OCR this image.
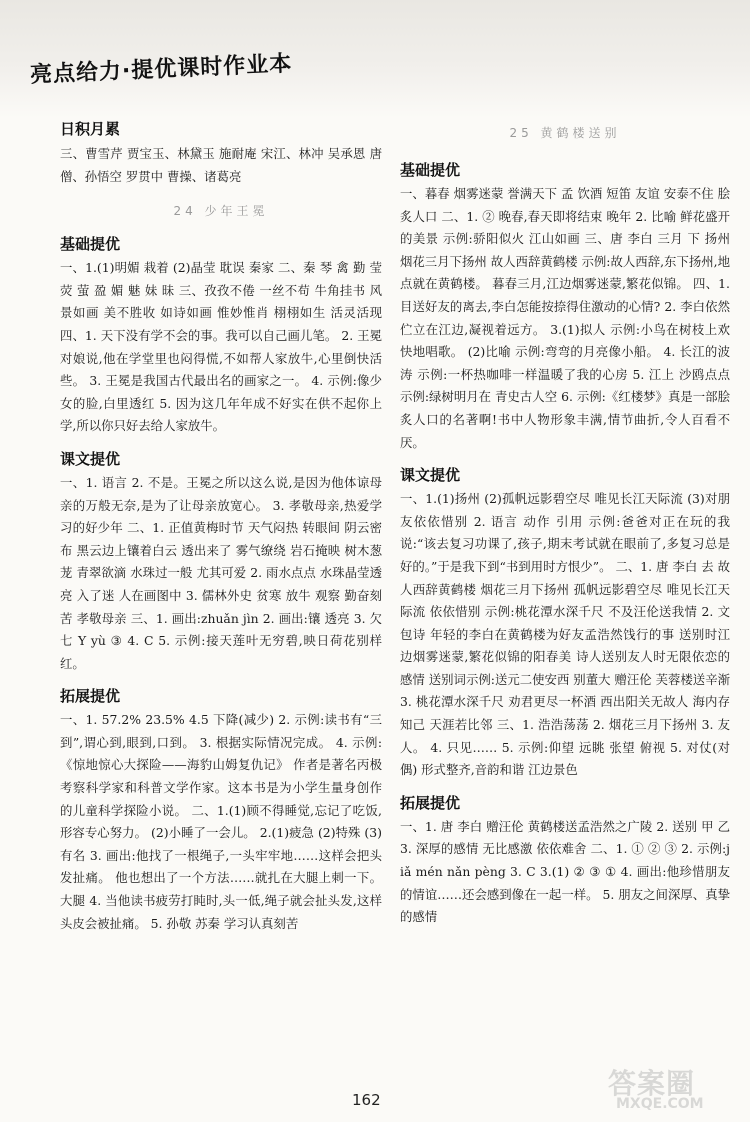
亮点给力·提优课时作业本
日积月累

三、曹雪芹 贾宝玉、林黛玉 施耐庵 宋江、林冲 吴承恩 唐僧、孙悟空 罗贯中 曹操、诸葛亮

24 少年王冕

基础提优

一、1.(1)明媚 栽着 (2)晶莹 耽误 秦家 二、秦 琴 禽 勤 莹 荧 萤 盈 媚 魅 妹 昧 三、孜孜不倦 一丝不苟 牛角挂书 风景如画 美不胜收 如诗如画 惟妙惟肖 栩栩如生 活灵活现 四、1. 天下没有学不会的事。我可以自己画儿笔。 2. 王冕对娘说,他在学堂里也闷得慌,不如帮人家放牛,心里倒快活些。 3. 王冕是我国古代最出名的画家之一。 4. 示例:像少女的脸,白里透红 5. 因为这几年年成不好实在供不起你上学,所以你只好去给人家放牛。

课文提优

一、1. 语言 2. 不是。王冕之所以这么说,是因为他体谅母亲的万般无奈,是为了让母亲放宽心。 3. 孝敬母亲,热爱学习的好少年 二、1. 正值黄梅时节 天气闷热 转眼间 阴云密布 黑云边上镶着白云 透出来了 雾气缭绕 岩石掩映 树木葱茏 青翠欲滴 水珠过一般 尤其可爱 2. 雨水点点 水珠晶莹透亮 入了迷 人在画图中 3. 儒林外史 贫寒 放牛 观察 勤奋刻苦 孝敬母亲 三、1. 画出:zhuǎn jìn 2. 画出:镶 透亮 3. 欠 七 Y yù ③ 4. C 5. 示例:接天莲叶无穷碧,映日荷花别样红。

拓展提优

一、1. 57.2% 23.5% 4.5 下降(减少) 2. 示例:读书有“三到”,谓心到,眼到,口到。 3. 根据实际情况完成。 4. 示例:《惊地惊心大探险——海豹山姆复仇记》 作者是著名丙极考察科学家和科普文学作家。这本书是为小学生量身创作的儿童科学探险小说。 二、1.(1)顾不得睡觉,忘记了吃饭,形容专心努力。 (2)小睡了一会儿。 2.(1)疲急 (2)特殊 (3)有名 3. 画出:他找了一根绳子,一头牢牢地……这样会把头发扯痛。 他也想出了一个方法……就扎在大腿上刺一下。 大腿 4. 当他读书疲劳打盹时,头一低,绳子就会扯头发,这样头皮会被扯痛。 5. 孙敬 苏秦 学习认真刻苦

25 黄鹤楼送别

基础提优

一、暮春 烟雾迷蒙 誉满天下 孟 饮酒 短笛 友谊 安泰不住 脍炙人口 二、1. ② 晚春,春天即将结束 晚年 2. 比喻 鲜花盛开的美景 示例:骄阳似火 江山如画 三、唐 李白 三月 下 扬州 烟花三月下扬州 故人西辞黄鹤楼 示例:故人西辞,东下扬州,地点就在黄鹤楼。 暮春三月,江边烟雾迷蒙,繁花似锦。 四、1. 目送好友的离去,李白怎能按捺得住激动的心情? 2. 李白依然伫立在江边,凝视着远方。 3.(1)拟人 示例:小鸟在树枝上欢快地唱歌。 (2)比喻 示例:弯弯的月亮像小船。 4. 长江的波涛 示例:一杯热咖啡一样温暖了我的心房 5. 江上 沙鸥点点 示例:绿树明月在 青史古人空 6. 示例:《红楼梦》真是一部脍炙人口的名著啊!书中人物形象丰满,情节曲折,令人百看不厌。

课文提优

一、1.(1)扬州 (2)孤帆远影碧空尽 唯见长江天际流 (3)对朋友依依惜别 2. 语言 动作 引用 示例:爸爸对正在玩的我说:“该去复习功课了,孩子,期末考试就在眼前了,多复习总是好的。”于是我下到“书到用时方恨少”。 二、1. 唐 李白 去 故人西辞黄鹤楼 烟花三月下扬州 孤帆远影碧空尽 唯见长江天际流 依依惜别 示例:桃花潭水深千尺 不及汪伦送我情 2. 文包诗 年轻的李白在黄鹤楼为好友孟浩然饯行的事 送别时江边烟雾迷蒙,繁花似锦的阳春美 诗人送别友人时无限依恋的感情 送别词示例:送元二使安西 别董大 赠汪伦 芙蓉楼送辛渐 3. 桃花潭水深千尺 劝君更尽一杯酒 西出阳关无故人 海内存知己 天涯若比邻 三、1. 浩浩荡荡 2. 烟花三月下扬州 3. 友人。 4. 只见…… 5. 示例:仰望 远眺 张望 俯视 5. 对仗(对偶) 形式整齐,音韵和谐 江边景色

拓展提优

一、1. 唐 李白 赠汪伦 黄鹤楼送孟浩然之广陵 2. 送别 甲 乙 3. 深厚的感情 无比感激 依依难舍 二、1. ① ② ③ 2. 示例:jiǎ mén nǎn pèng 3. C 3.(1) ② ③ ① 4. 画出:他珍惜朋友的情谊……还会感到像在一起一样。 5. 朋友之间深厚、真挚的感情

162	答案圈
MXQE.COM
